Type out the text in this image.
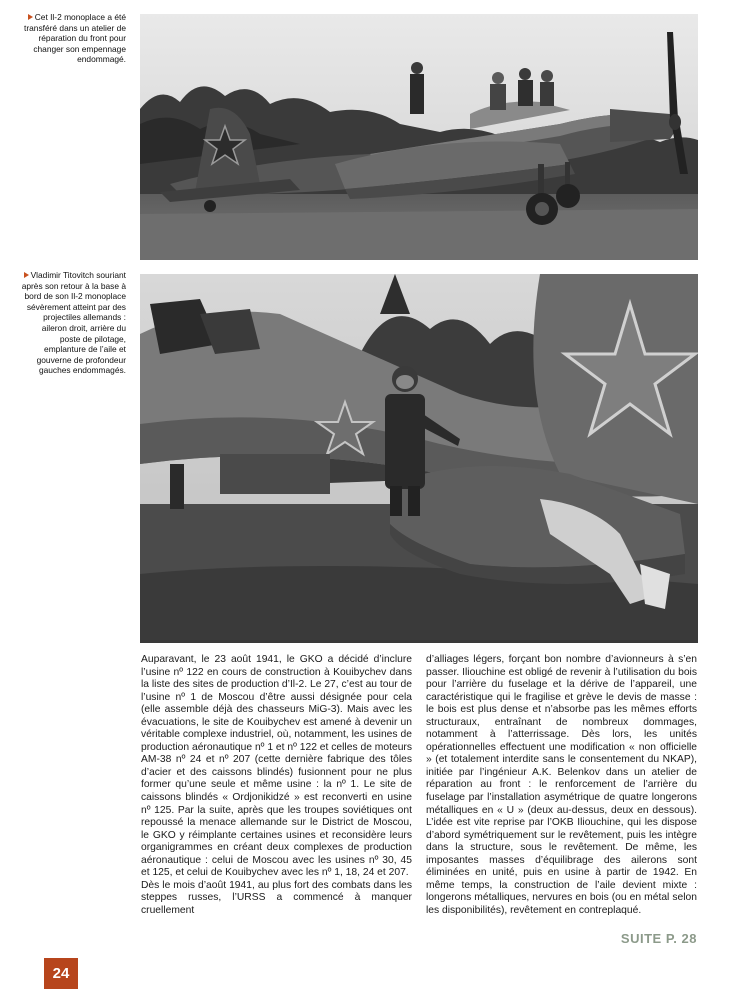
Cet Il-2 monoplace a été transféré dans un atelier de réparation du front pour changer son empennage endommagé.
Vladimir Titovitch souriant après son retour à la base à bord de son Il-2 monoplace sévèrement atteint par des projectiles allemands : aileron droit, arrière du poste de pilotage, emplanture de l’aile et gouverne de profondeur gauches endommagés.

Auparavant, le 23 août 1941, le GKO a décidé d’inclure l’usine nº 122 en cours de construction à Kouibychev dans la liste des sites de production d’Il-2. Le 27, c’est au tour de l’usine nº 1 de Moscou d’être aussi désignée pour cela (elle assemble déjà des chasseurs MiG-3). Mais avec les évacuations, le site de Kouibychev est amené à devenir un véritable complexe industriel, où, notamment, les usines de production aéronautique nº 1 et nº 122 et celles de moteurs AM-38 nº 24 et nº 207 (cette dernière fabrique des tôles d’acier et des caissons blindés) fusionnent pour ne plus former qu’une seule et même usine : la nº 1. Le site de caissons blindés « Ordjonikidzé » est reconverti en usine nº 125. Par la suite, après que les troupes soviétiques ont repoussé la menace allemande sur le District de Moscou, le GKO y réimplante certaines usines et reconsidère leurs organigrammes en créant deux complexes de production aéronautique : celui de Moscou avec les usines nº 30, 45 et 125, et celui de Kouibychev avec les nº 1, 18, 24 et 207.

Dès le mois d’août 1941, au plus fort des combats dans les steppes russes, l’URSS a commencé à manquer cruellement

d’alliages légers, forçant bon nombre d’avionneurs à s’en passer. Iliouchine est obligé de revenir à l’utilisation du bois pour l’arrière du fuselage et la dérive de l’appareil, une caractéristique qui le fragilise et grève le devis de masse : le bois est plus dense et n’absorbe pas les mêmes efforts structuraux, entraînant de nombreux dommages, notamment à l’atterrissage. Dès lors, les unités opérationnelles effectuent une modification « non officielle » (et totalement interdite sans le consentement du NKAP), initiée par l’ingénieur A.K. Belenkov dans un atelier de réparation au front : le renforcement de l’arrière du fuselage par l’installation asymétrique de quatre longerons métalliques en « U » (deux au-dessus, deux en dessous). L’idée est vite reprise par l’OKB Iliouchine, qui les dispose d’abord symétriquement sur le revêtement, puis les intègre dans la structure, sous le revêtement. De même, les imposantes masses d’équilibrage des ailerons sont éliminées en unité, puis en usine à partir de 1942. En même temps, la construction de l’aile devient mixte : longerons métalliques, nervures en bois (ou en métal selon les disponibilités), revêtement en contreplaqué.

SUITE P. 28
24
